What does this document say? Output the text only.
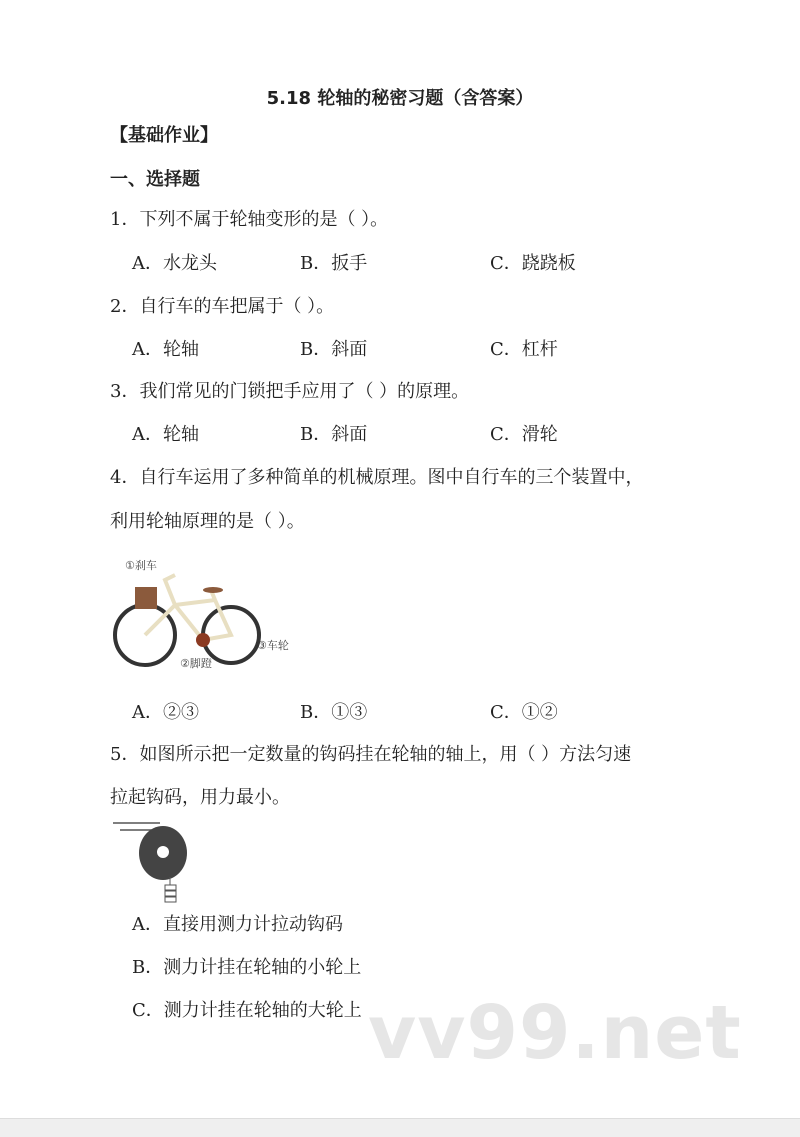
5.18 轮轴的秘密习题（含答案）
【基础作业】
一、选择题
1．下列不属于轮轴变形的是（ ）。
A．水龙头	B．扳手	C．跷跷板
2．自行车的车把属于（ ）。
A．轮轴	B．斜面	C．杠杆
3．我们常见的门锁把手应用了（ ）的原理。
A．轮轴	B．斜面	C．滑轮
4．自行车运用了多种简单的机械原理。图中自行车的三个装置中，
利用轮轴原理的是（ ）。
①刹车
③车轮
②脚蹬
A．②③	B．①③	C．①②
5．如图所示把一定数量的钩码挂在轮轴的轴上，用（ ）方法匀速
拉起钩码，用力最小。
A．直接用测力计拉动钩码
B．测力计挂在轮轴的小轮上
C．测力计挂在轮轴的大轮上 vv99.net
